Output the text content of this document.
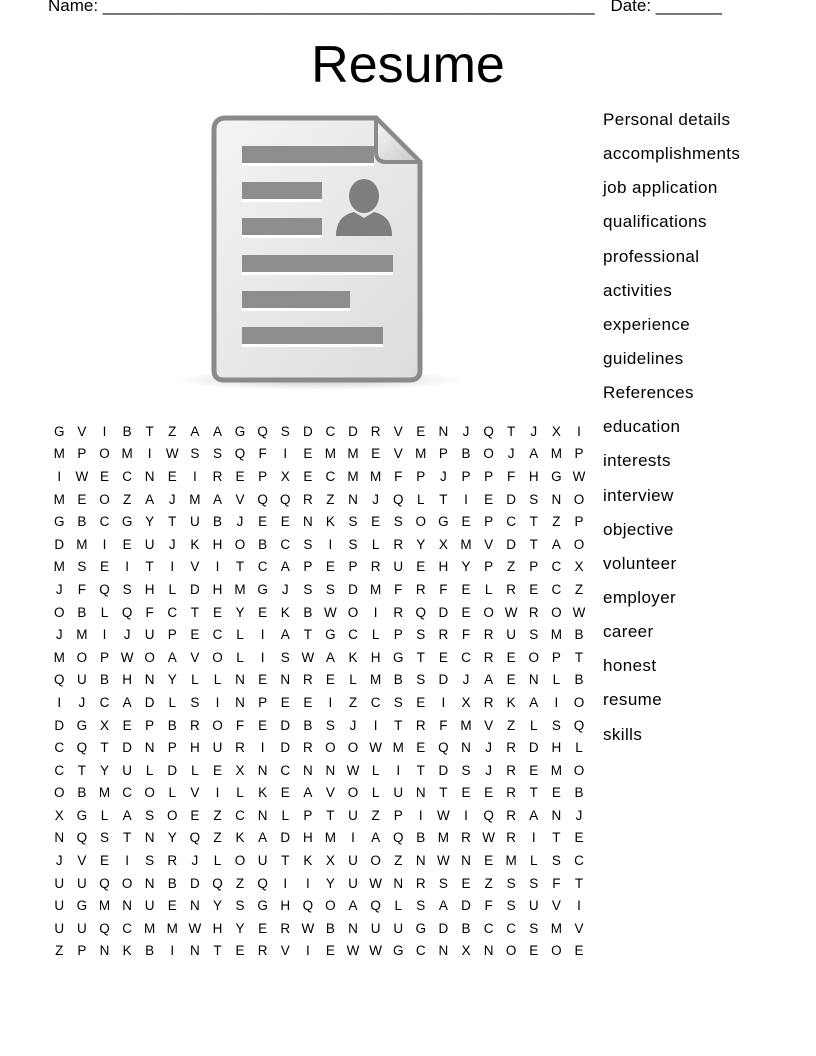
Name: ____________________________________________________ Date: _______
Resume
Personal details
accomplishments
job application
qualifications
professional
activities
experience
guidelines
References
education
interests
interview
objective
volunteer
employer
career
honest
resume
skills
G	V	I	B	T	Z	A	A	G	Q	S	D	C	D	R	V	E	N	J	Q	T	J	X	I
M	P	O	M	I	W	S	S	Q	F	I	E	M	M	E	V	M	P	B	O	J	A	M	P
I	W	E	C	N	E	I	R	E	P	X	E	C	M	M	F	P	J	P	P	F	H	G	W
M	E	O	Z	A	J	M	A	V	Q	Q	R	Z	N	J	Q	L	T	I	E	D	S	N	O
G	B	C	G	Y	T	U	B	J	E	E	N	K	S	E	S	O	G	E	P	C	T	Z	P
D	M	I	E	U	J	K	H	O	B	C	S	I	S	L	R	Y	X	M	V	D	T	A	O
M	S	E	I	T	I	V	I	T	C	A	P	E	P	R	U	E	H	Y	P	Z	P	C	X
J	F	Q	S	H	L	D	H	M	G	J	S	S	D	M	F	R	F	E	L	R	E	C	Z
O	B	L	Q	F	C	T	E	Y	E	K	B	W	O	I	R	Q	D	E	O	W	R	O	W
J	M	I	J	U	P	E	C	L	I	A	T	G	C	L	P	S	R	F	R	U	S	M	B
M	O	P	W	O	A	V	O	L	I	S	W	A	K	H	G	T	E	C	R	E	O	P	T
Q	U	B	H	N	Y	L	L	N	E	N	R	E	L	M	B	S	D	J	A	E	N	L	B
I	J	C	A	D	L	S	I	N	P	E	E	I	Z	C	S	E	I	X	R	K	A	I	O
D	G	X	E	P	B	R	O	F	E	D	B	S	J	I	T	R	F	M	V	Z	L	S	Q
C	Q	T	D	N	P	H	U	R	I	D	R	O	O	W	M	E	Q	N	J	R	D	H	L
C	T	Y	U	L	D	L	E	X	N	C	N	N	W	L	I	T	D	S	J	R	E	M	O
O	B	M	C	O	L	V	I	L	K	E	A	V	O	L	U	N	T	E	E	R	T	E	B
X	G	L	A	S	O	E	Z	C	N	L	P	T	U	Z	P	I	W	I	Q	R	A	N	J
N	Q	S	T	N	Y	Q	Z	K	A	D	H	M	I	A	Q	B	M	R	W	R	I	T	E
J	V	E	I	S	R	J	L	O	U	T	K	X	U	O	Z	N	W	N	E	M	L	S	C
U	U	Q	O	N	B	D	Q	Z	Q	I	I	Y	U	W	N	R	S	E	Z	S	S	F	T
U	G	M	N	U	E	N	Y	S	G	H	Q	O	A	Q	L	S	A	D	F	S	U	V	I
U	U	Q	C	M	M	W	H	Y	E	R	W	B	N	U	U	G	D	B	C	C	S	M	V
Z	P	N	K	B	I	N	T	E	R	V	I	E	W	W	G	C	N	X	N	O	E	O	E
